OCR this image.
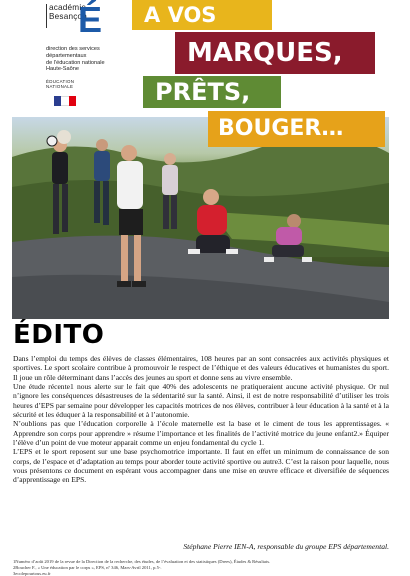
académie
Besançon
É
direction des services
départementaux
de l'éducation nationale
Haute-Saône
ÉDUCATION
NATIONALE
A VOS
MARQUES,
PRÊTS,
BOUGER…
ÉDITO

Dans l’emploi du temps des élèves de classes élémentaires, 108 heures par an sont consacrées aux activités physiques et sportives. Le sport scolaire contribue à promouvoir le respect de l’éthique et des valeurs éducatives et humanistes du sport. Il joue un rôle déterminant dans l’accès des jeunes au sport et donne sens au vivre ensemble.

Une étude récente1 nous alerte sur le fait que 40% des adolescents ne pratiqueraient aucune activité physique. Or nul n’ignore les conséquences désastreuses de la sédentarité sur la santé. Ainsi, il est de notre responsabilité d’utiliser les trois heures d’EPS par semaine pour développer les capacités motrices de nos élèves, contribuer à leur éducation à la santé et à la sécurité et les éduquer à la responsabilité et à l’autonomie.

N’oublions pas que l’éducation corporelle à l’école maternelle est la base et le ciment de tous les apprentissages. « Apprendre son corps pour apprendre » résume l’importance et les finalités de l’activité motrice du jeune enfant2.» Équiper l’élève d’un point de vue moteur apparait comme un enjeu fondamental du cycle 1.

L’EPS et le sport reposent sur une base psychomotrice importante. Il faut en effet un minimum de connaissance de son corps, de l’espace et d’adaptation au temps pour aborder toute activité sportive ou autre3. C’est la raison pour laquelle, nous vous présentons ce document en espérant vous accompagner dans une mise en œuvre efficace et diversifiée de séquences d’apprentissage en EPS.

Stéphane Pierre IEN-A, responsable du groupe EPS départemental.
1Numéro d’août 2019 de la revue de la Direction de la recherche, des études, de l’évaluation et des statistiques (Drees), Études & Résultats.
2Boucher F., « Une éducation par le corps », EPS, nº 346, Mars-Avril 2011, p.5-.
3ecolepourtous.eu.fr
